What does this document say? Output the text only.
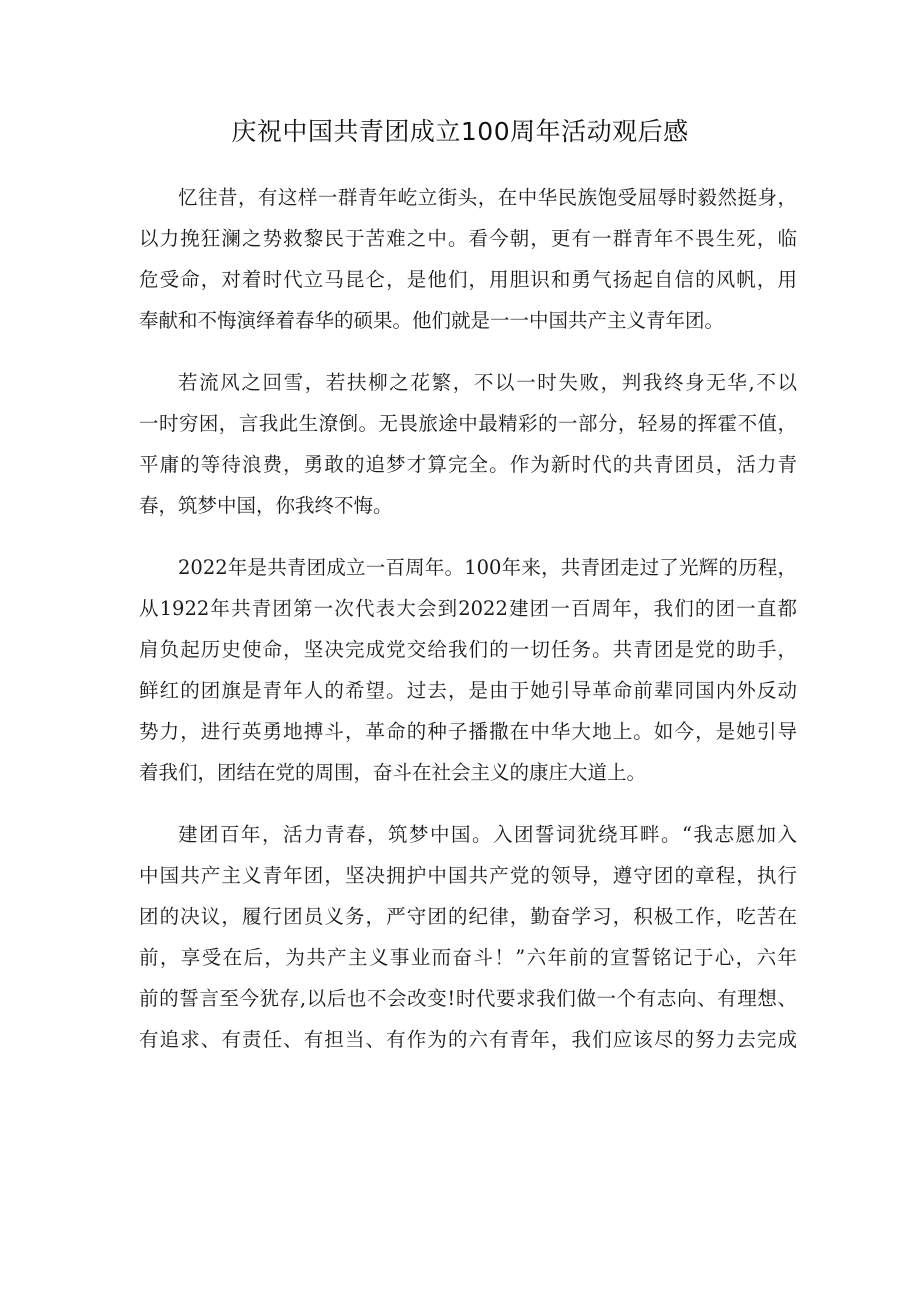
庆祝中国共青团成立100周年活动观后感
忆往昔，有这样一群青年屹立街头，在中华民族饱受屈辱时毅然挺身，
以力挽狂澜之势救黎民于苦难之中。看今朝，更有一群青年不畏生死，临
危受命，对着时代立马昆仑，是他们，用胆识和勇气扬起自信的风帆，用
奉献和不悔演绎着春华的硕果。他们就是一一中国共产主义青年团。
若流风之回雪，若扶柳之花繁，不以一时失败，判我终身无华,不以
一时穷困，言我此生潦倒。无畏旅途中最精彩的一部分，轻易的挥霍不值，
平庸的等待浪费，勇敢的追梦才算完全。作为新时代的共青团员，活力青
春，筑梦中国，你我终不悔。
2022年是共青团成立一百周年。100年来，共青团走过了光辉的历程，
从1922年共青团第一次代表大会到2022建团一百周年，我们的团一直都
肩负起历史使命，坚决完成党交给我们的一切任务。共青团是党的助手，
鲜红的团旗是青年人的希望。过去，是由于她引导革命前辈同国内外反动
势力，进行英勇地搏斗，革命的种子播撒在中华大地上。如今，是她引导
着我们，团结在党的周围，奋斗在社会主义的康庄大道上。
建团百年，活力青春，筑梦中国。入团誓词犹绕耳畔。“我志愿加入
中国共产主义青年团，坚决拥护中国共产党的领导，遵守团的章程，执行
团的决议，履行团员义务，严守团的纪律，勤奋学习，积极工作，吃苦在
前，享受在后，为共产主义事业而奋斗！”六年前的宣誓铭记于心，六年
前的誓言至今犹存,以后也不会改变!时代要求我们做一个有志向、有理想、
有追求、有责任、有担当、有作为的六有青年，我们应该尽的努力去完成
